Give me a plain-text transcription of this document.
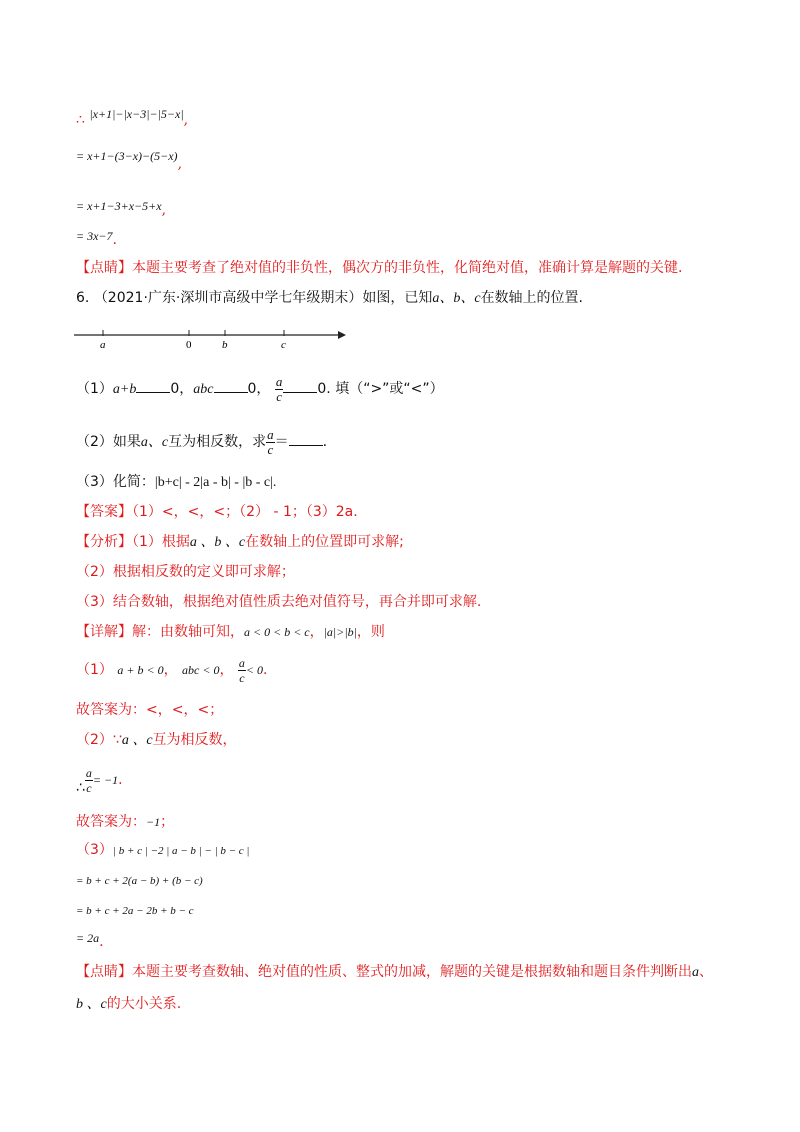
∴ |x+1|−|x−3|−|5−x|,
= x+1−(3−x)−(5−x),
= x+1−3+x−5+x,
= 3x−7.
【点睛】本题主要考查了绝对值的非负性，偶次方的非负性，化简绝对值，准确计算是解题的关键.
6. （2021·广东·深圳市高级中学七年级期末）如图，已知a、b、c在数轴上的位置.
a	0	b	c
（1）a+b 0，abc 0， $\frac{a}{c} 0$. 填（“>”或“<”）
（2）如果a、c互为相反数，求 $\frac{a}{c}$ ＝ .
（3）化简：|b+c| - 2|a - b| - |b - c|.
【答案】（1）<，<，<；（2） - 1；（3）2a.
【分析】（1）根据a 、b 、c在数轴上的位置即可求解;
（2）根据相反数的定义即可求解；
（3）结合数轴，根据绝对值性质去绝对值符号，再合并即可求解.
【详解】解：由数轴可知，a < 0 < b < c，|a|>|b|，则
（1） a + b < 0， abc < 0， $\frac{a}{c} < 0$.
故答案为：<，<，<；
（2）∵a 、c互为相反数，
∴ $\frac{a}{c} = -1$.
故答案为：−1；
（3）| b + c | −2 | a − b | − | b − c |
= b + c + 2(a − b) + (b − c)
= b + c + 2a − 2b + b − c
= 2a.
【点睛】本题主要考查数轴、绝对值的性质、整式的加减，解题的关键是根据数轴和题目条件判断出a、
b 、c的大小关系.
